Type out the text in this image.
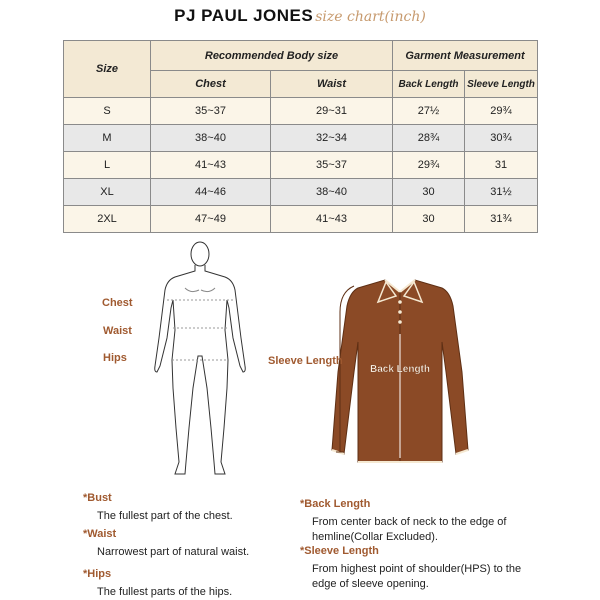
PJ PAUL JONES size chart(inch)
Size	Recommended Body size		Garment Measurement	
	Chest	Waist	Back Length	Sleeve Length
S	35~37	29~31	27½	29¾
M	38~40	32~34	28¾	30¾
L	41~43	35~37	29¾	31
XL	44~46	38~40	30	31½
2XL	47~49	41~43	30	31¾
Chest
Waist
Hips
Back Length
Sleeve Length
*Bust
The fullest part of the chest.
*Waist
Narrowest part of natural waist.
*Hips
The fullest parts of the hips.
*Back Length
From center back of neck to the edge of hemline(Collar Excluded).
*Sleeve Length
From highest point of shoulder(HPS) to the edge of sleeve opening.
